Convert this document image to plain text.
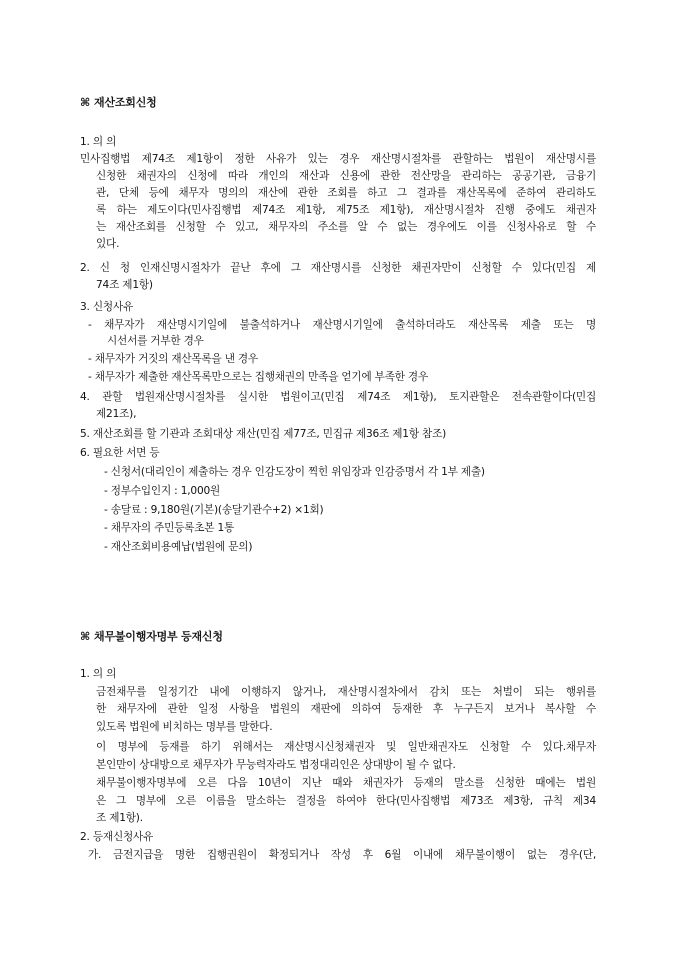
⌘ 재산조회신청
1. 의 의
민사집행법 제74조 제1항이 정한 사유가 있는 경우 재산명시절차를 관할하는 법원이 재산명시를
신청한 채권자의 신청에 따라 개인의 재산과 신용에 관한 전산망을 관리하는 공공기관, 금융기
관, 단체 등에 채무자 명의의 재산에 관한 조회를 하고 그 결과를 재산목록에 준하여 관리하도
록 하는 제도이다(민사집행법 제74조 제1항, 제75조 제1항), 재산명시절차 진행 중에도 채권자
는 재산조회를 신청할 수 있고, 채무자의 주소를 알 수 없는 경우에도 이를 신청사유로 할 수
있다.
2. 신 청 인재신명시절차가 끝난 후에 그 재산명시를 신청한 채권자만이 신청할 수 있다(민집 제
74조 제1항)
3. 신청사유
- 채무자가 재산명시기일에 불출석하거나 재산명시기일에 출석하더라도 재산목록 제출 또는 명
시선서를 거부한 경우
- 채무자가 거짓의 재산목록을 낸 경우
- 채무자가 제출한 재산목록만으로는 집행채권의 만족을 얻기에 부족한 경우
4. 관할 법원재산명시절차를 실시한 법원이고(민집 제74조 제1항), 토지관할은 전속관할이다(민집
제21조),
5. 재산조회를 할 기관과 조회대상 재산(민집 제77조, 민집규 제36조 제1항 참조)
6. 필요한 서면 등
- 신청서(대리인이 제출하는 경우 인감도장이 찍힌 위임장과 인감증명서 각 1부 제출)
- 정부수입인지 : 1,000원
- 송달료 : 9,180원(기본)(송달기관수+2) ×1회)
- 채무자의 주민등록초본 1통
- 재산조회비용예납(법원에 문의)
⌘ 채무불이행자명부 등재신청
1. 의 의
금전채무를 일정기간 내에 이행하지 않거나, 재산명시절차에서 감치 또는 처벌이 되는 행위를
한 채무자에 관한 일정 사항을 법원의 재판에 의하여 등재한 후 누구든지 보거나 복사할 수
있도록 법원에 비치하는 명부를 말한다.
이 명부에 등재를 하기 위해서는 재산명시신청채권자 및 일반채권자도 신청할 수 있다.채무자
본인만이 상대방으로 채무자가 무능력자라도 법정대리인은 상대방이 될 수 없다.
채무불이행자명부에 오른 다음 10년이 지난 때와 채권자가 등재의 말소를 신청한 때에는 법원
은 그 명부에 오른 이름을 말소하는 결정을 하여야 한다(민사집행법 제73조 제3항, 규칙 제34
조 제1항).
2. 등재신청사유
가. 금전지급을 명한 집행권원이 확정되거나 작성 후 6월 이내에 채무불이행이 없는 경우(단,
